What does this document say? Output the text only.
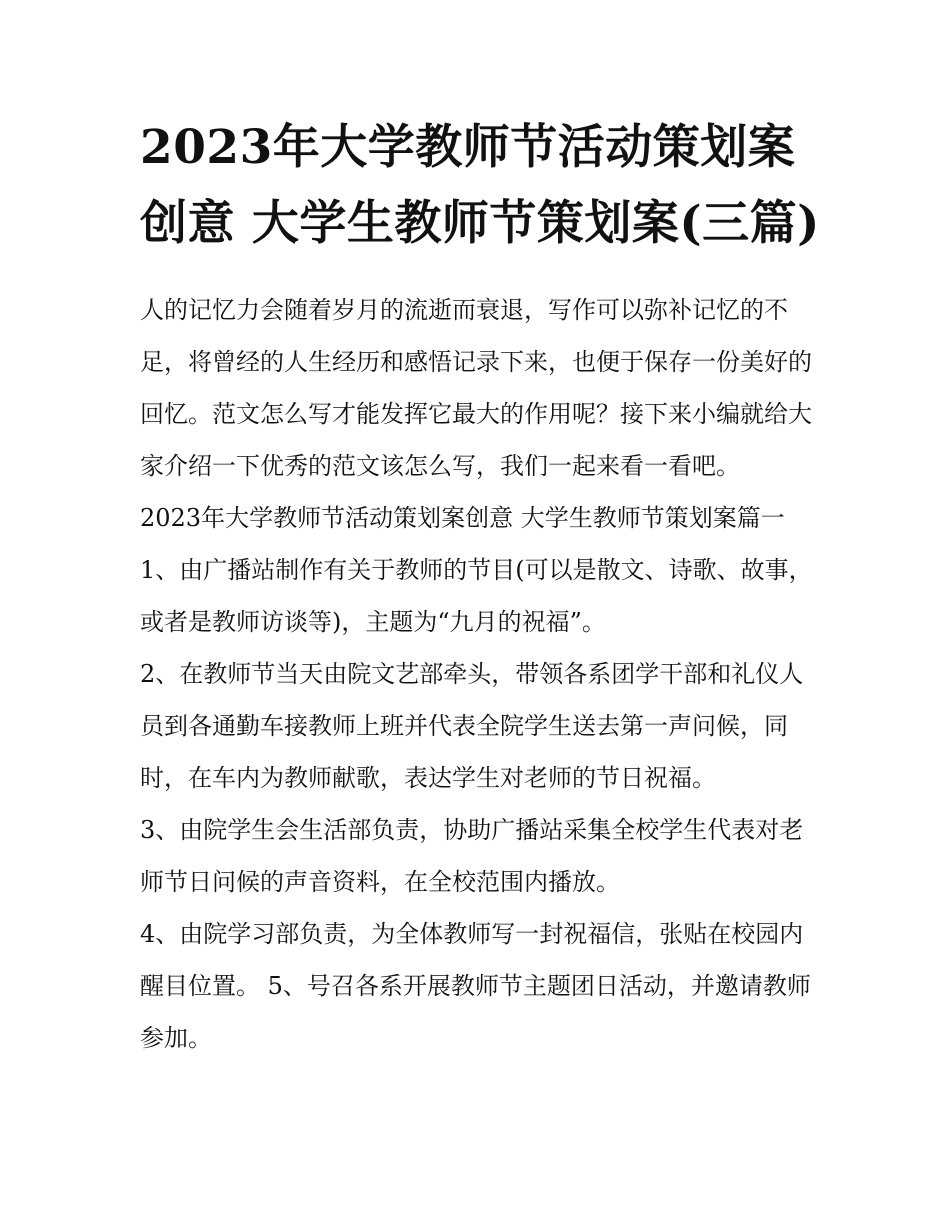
2023年大学教师节活动策划案创意 大学生教师节策划案(三篇)

人的记忆力会随着岁月的流逝而衰退，写作可以弥补记忆的不足，将曾经的人生经历和感悟记录下来，也便于保存一份美好的回忆。范文怎么写才能发挥它最大的作用呢？接下来小编就给大家介绍一下优秀的范文该怎么写，我们一起来看一看吧。

2023年大学教师节活动策划案创意 大学生教师节策划案篇一

1、由广播站制作有关于教师的节目(可以是散文、诗歌、故事，或者是教师访谈等)，主题为“九月的祝福”。

2、在教师节当天由院文艺部牵头，带领各系团学干部和礼仪人员到各通勤车接教师上班并代表全院学生送去第一声问候，同时，在车内为教师献歌，表达学生对老师的节日祝福。

3、由院学生会生活部负责，协助广播站采集全校学生代表对老师节日问候的声音资料，在全校范围内播放。

4、由院学习部负责，为全体教师写一封祝福信，张贴在校园内醒目位置。 5、号召各系开展教师节主题团日活动，并邀请教师参加。
